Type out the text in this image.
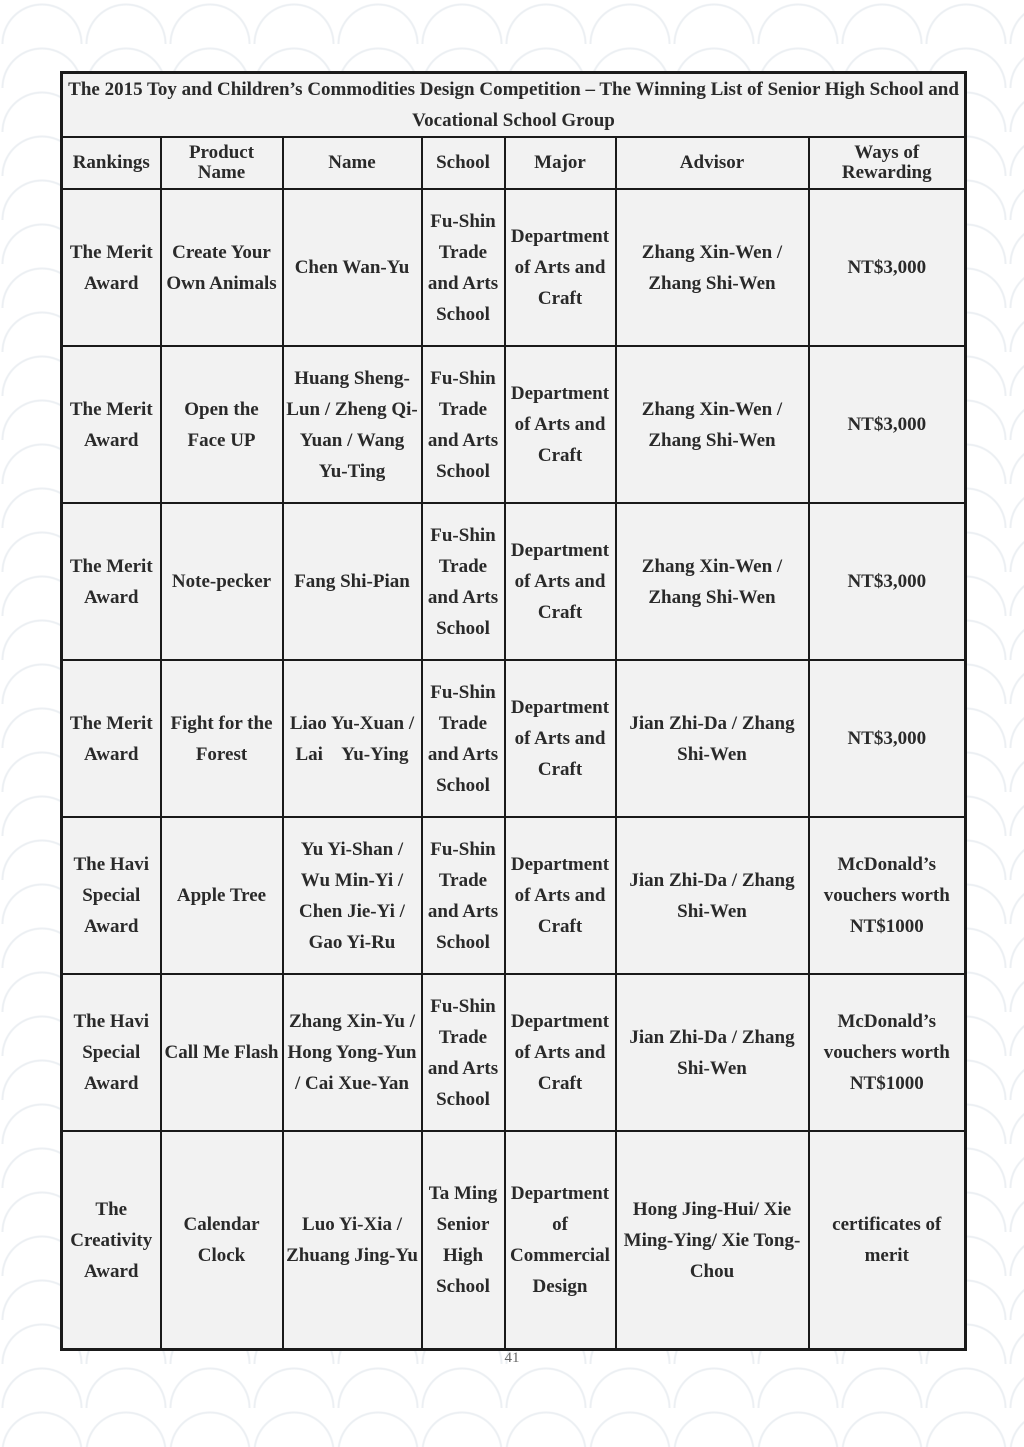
The 2015 Toy and Children’s Commodities Design Competition – The Winning List of Senior High School and Vocational School Group						
Rankings	Product Name	Name	School	Major	Advisor	Ways of Rewarding
The Merit Award	Create Your Own Animals	Chen Wan-Yu	Fu-Shin Trade and Arts School	Department of Arts and Craft	Zhang Xin-Wen / Zhang Shi-Wen	NT$3,000
The Merit Award	Open the Face UP	Huang Sheng-Lun / Zheng Qi-Yuan / Wang Yu-Ting	Fu-Shin Trade and Arts School	Department of Arts and Craft	Zhang Xin-Wen / Zhang Shi-Wen	NT$3,000
The Merit Award	Note-pecker	Fang Shi-Pian	Fu-Shin Trade and Arts School	Department of Arts and Craft	Zhang Xin-Wen / Zhang Shi-Wen	NT$3,000
The Merit Award	Fight for the Forest	Liao Yu-Xuan / Lai    Yu-Ying	Fu-Shin Trade and Arts School	Department of Arts and Craft	Jian Zhi-Da / Zhang Shi-Wen	NT$3,000
The Havi Special Award	Apple Tree	Yu Yi-Shan / Wu Min-Yi / Chen Jie-Yi / Gao Yi-Ru	Fu-Shin Trade and Arts School	Department of Arts and Craft	Jian Zhi-Da / Zhang Shi-Wen	McDonald’s vouchers worth NT$1000
The Havi Special Award	Call Me Flash	Zhang Xin-Yu / Hong Yong-Yun / Cai Xue-Yan	Fu-Shin Trade and Arts School	Department of Arts and Craft	Jian Zhi-Da / Zhang Shi-Wen	McDonald’s vouchers worth NT$1000
The Creativity Award	Calendar Clock	Luo Yi-Xia / Zhuang Jing-Yu	Ta Ming Senior High School	Department of Commercial Design	Hong Jing-Hui/ Xie Ming-Ying/ Xie Tong-Chou	certificates of merit
41
